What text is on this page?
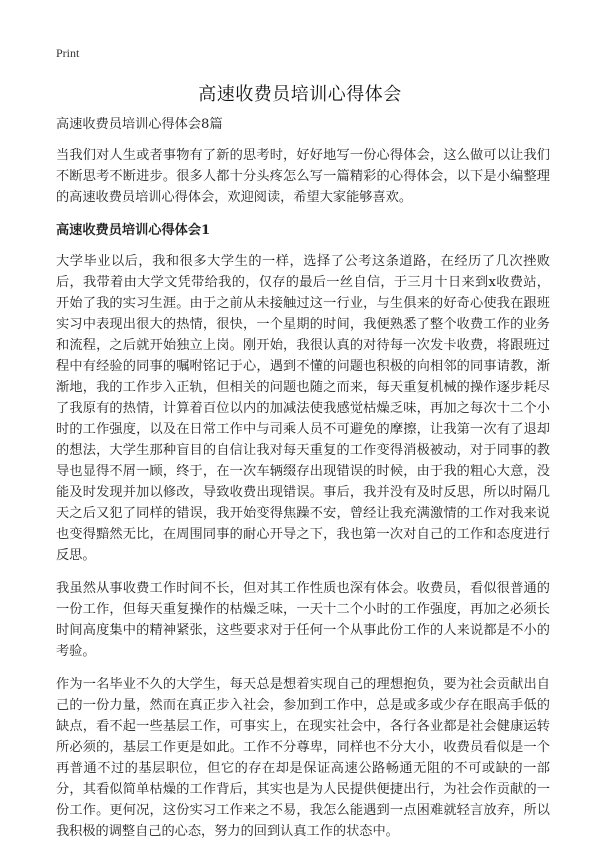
Print
高速收费员培训心得体会

高速收费员培训心得体会8篇

当我们对人生或者事物有了新的思考时，好好地写一份心得体会，这么做可以让我们不断思考不断进步。很多人都十分头疼怎么写一篇精彩的心得体会，以下是小编整理的高速收费员培训心得体会，欢迎阅读，希望大家能够喜欢。

高速收费员培训心得体会1

大学毕业以后，我和很多大学生的一样，选择了公考这条道路，在经历了几次挫败后，我带着由大学文凭带给我的，仅存的最后一丝自信，于三月十日来到x收费站，开始了我的实习生涯。由于之前从未接触过这一行业，与生俱来的好奇心使我在跟班实习中表现出很大的热情，很快，一个星期的时间，我便熟悉了整个收费工作的业务和流程，之后就开始独立上岗。刚开始，我很认真的对待每一次发卡收费，将跟班过程中有经验的同事的嘱咐铭记于心，遇到不懂的问题也积极的向相邻的同事请教，渐渐地，我的工作步入正轨，但相关的问题也随之而来，每天重复机械的操作逐步耗尽了我原有的热情，计算着百位以内的加减法使我感觉枯燥乏味，再加之每次十二个小时的工作强度，以及在日常工作中与司乘人员不可避免的摩擦，让我第一次有了退却的想法，大学生那种盲目的自信让我对每天重复的工作变得消极被动，对于同事的教导也显得不屑一顾，终于，在一次车辆缀存出现错误的时候，由于我的粗心大意，没能及时发现并加以修改，导致收费出现错误。事后，我并没有及时反思，所以时隔几天之后又犯了同样的错误，我开始变得焦躁不安，曾经让我充满激情的工作对我来说也变得黯然无比，在周围同事的耐心开导之下，我也第一次对自己的工作和态度进行反思。

我虽然从事收费工作时间不长，但对其工作性质也深有体会。收费员，看似很普通的一份工作，但每天重复操作的枯燥乏味，一天十二个小时的工作强度，再加之必须长时间高度集中的精神紧张，这些要求对于任何一个从事此份工作的人来说都是不小的考验。

作为一名毕业不久的大学生，每天总是想着实现自己的理想抱负，要为社会贡献出自己的一份力量，然而在真正步入社会，参加到工作中，总是或多或少存在眼高手低的缺点，看不起一些基层工作，可事实上，在现实社会中，各行各业都是社会健康运转所必须的，基层工作更是如此。工作不分尊卑，同样也不分大小，收费员看似是一个再普通不过的基层职位，但它的存在却是保证高速公路畅通无阻的不可或缺的一部分，其看似简单枯燥的工作背后，其实也是为人民提供便捷出行，为社会作贡献的一份工作。更何况，这份实习工作来之不易，我怎么能遇到一点困难就轻言放弃，所以我积极的调整自己的心态，努力的回到认真工作的状态中。
